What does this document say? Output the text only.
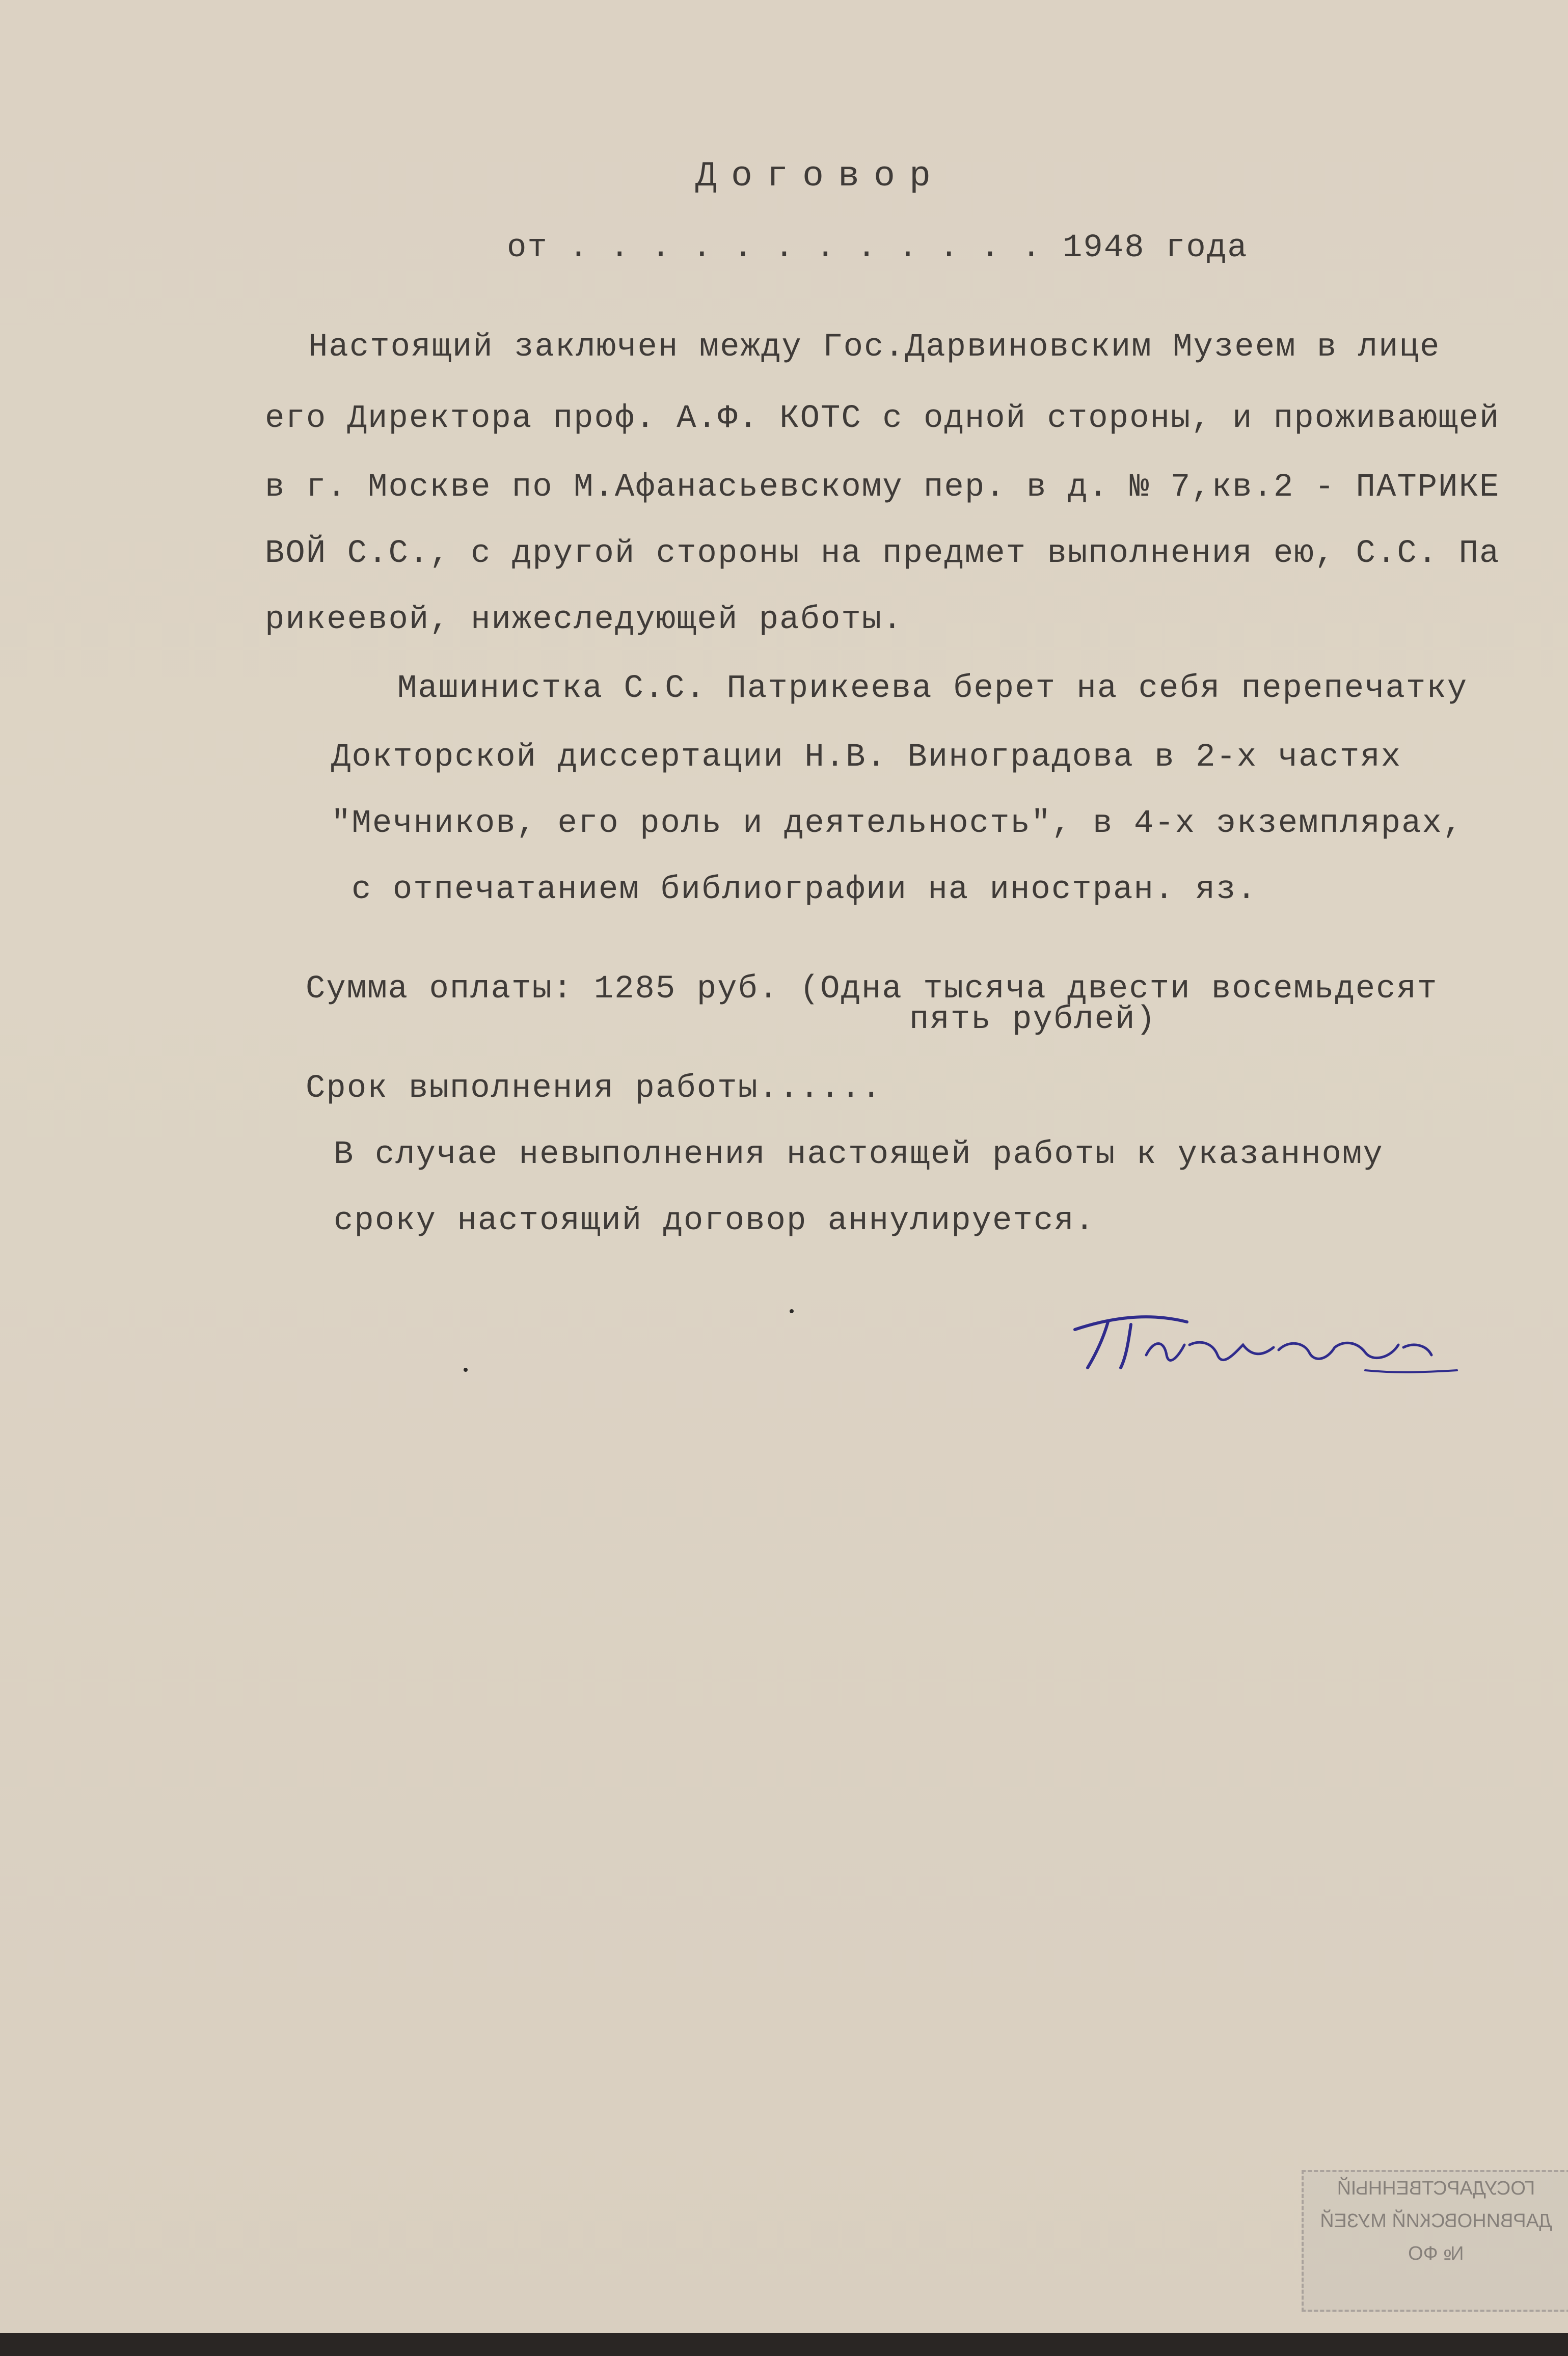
Договор
от . . . . . . . . . . . . 1948 года
Настоящий заключен между Гос.Дарвиновским Музеем в лице
его Директора проф. А.Ф. КОТС с одной стороны, и проживающей
в г. Москве по М.Афанасьевскому пер. в д. № 7,кв.2 - ПАТРИКЕ
ВОЙ С.С., с другой стороны на предмет выполнения ею, С.С. Па
рикеевой, нижеследующей работы.
Машинистка С.С. Патрикеева берет на себя перепечатку
Докторской диссертации Н.В. Виноградова в 2-х частях
"Мечников, его роль и деятельность", в 4-х экземплярах,
с отпечатанием библиографии на иностран. яз.
Сумма оплаты: 1285 руб. (Одна тысяча двести восемьдесят
пять рублей)
Срок выполнения работы......
В случае невыполнения настоящей работы к указанному
сроку настоящий договор аннулируется.
ГОСУДАРСТВЕННЫЙ
ДАРВИНОВСКИЙ МУЗЕЙ
№ ФО
